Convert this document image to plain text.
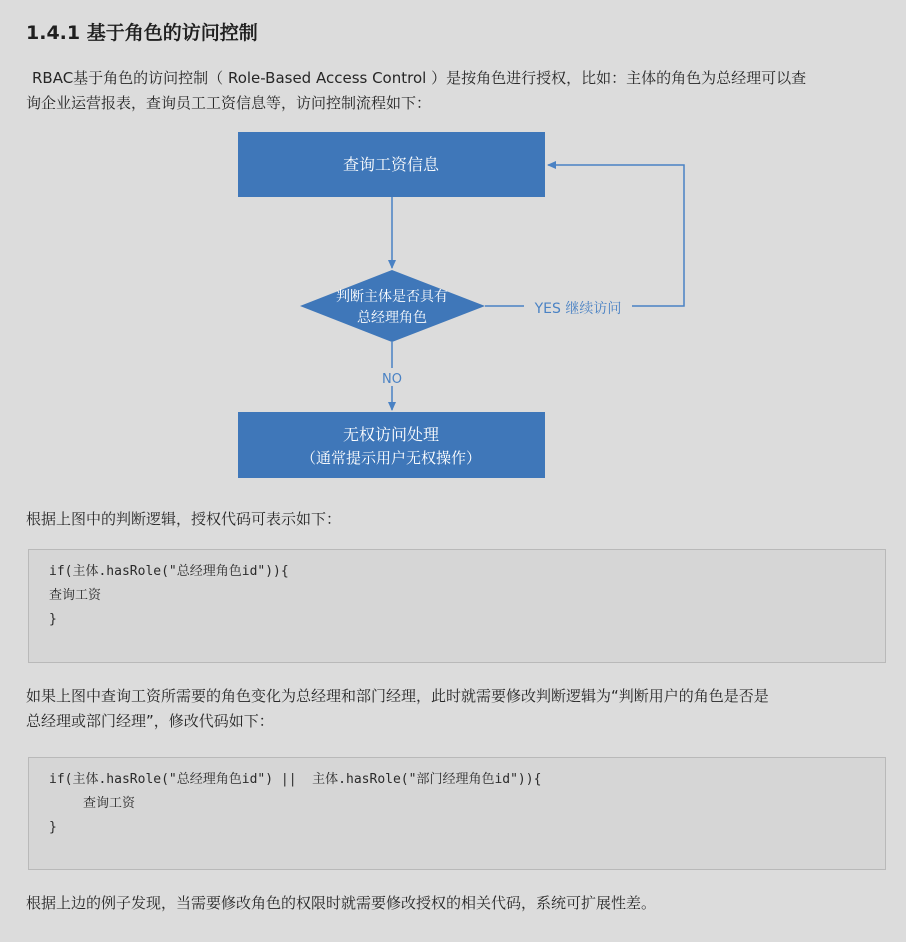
1.4.1 基于角色的访问控制
RBAC基于角色的访问控制（ Role-Based Access Control ）是按角色进行授权，比如：主体的角色为总经理可以查
询企业运营报表，查询员工工资信息等，访问控制流程如下：
查询工资信息
判断主体是否具有
总经理角色
YES 继续访问
NO
无权访问处理
（通常提示用户无权操作）
根据上图中的判断逻辑，授权代码可表示如下：
if(主体.hasRole("总经理角色id")){
查询工资
}
如果上图中查询工资所需要的角色变化为总经理和部门经理，此时就需要修改判断逻辑为“判断用户的角色是否是
总经理或部门经理”，修改代码如下：
if(主体.hasRole("总经理角色id") ||  主体.hasRole("部门经理角色id")){
查询工资
}
根据上边的例子发现，当需要修改角色的权限时就需要修改授权的相关代码，系统可扩展性差。
